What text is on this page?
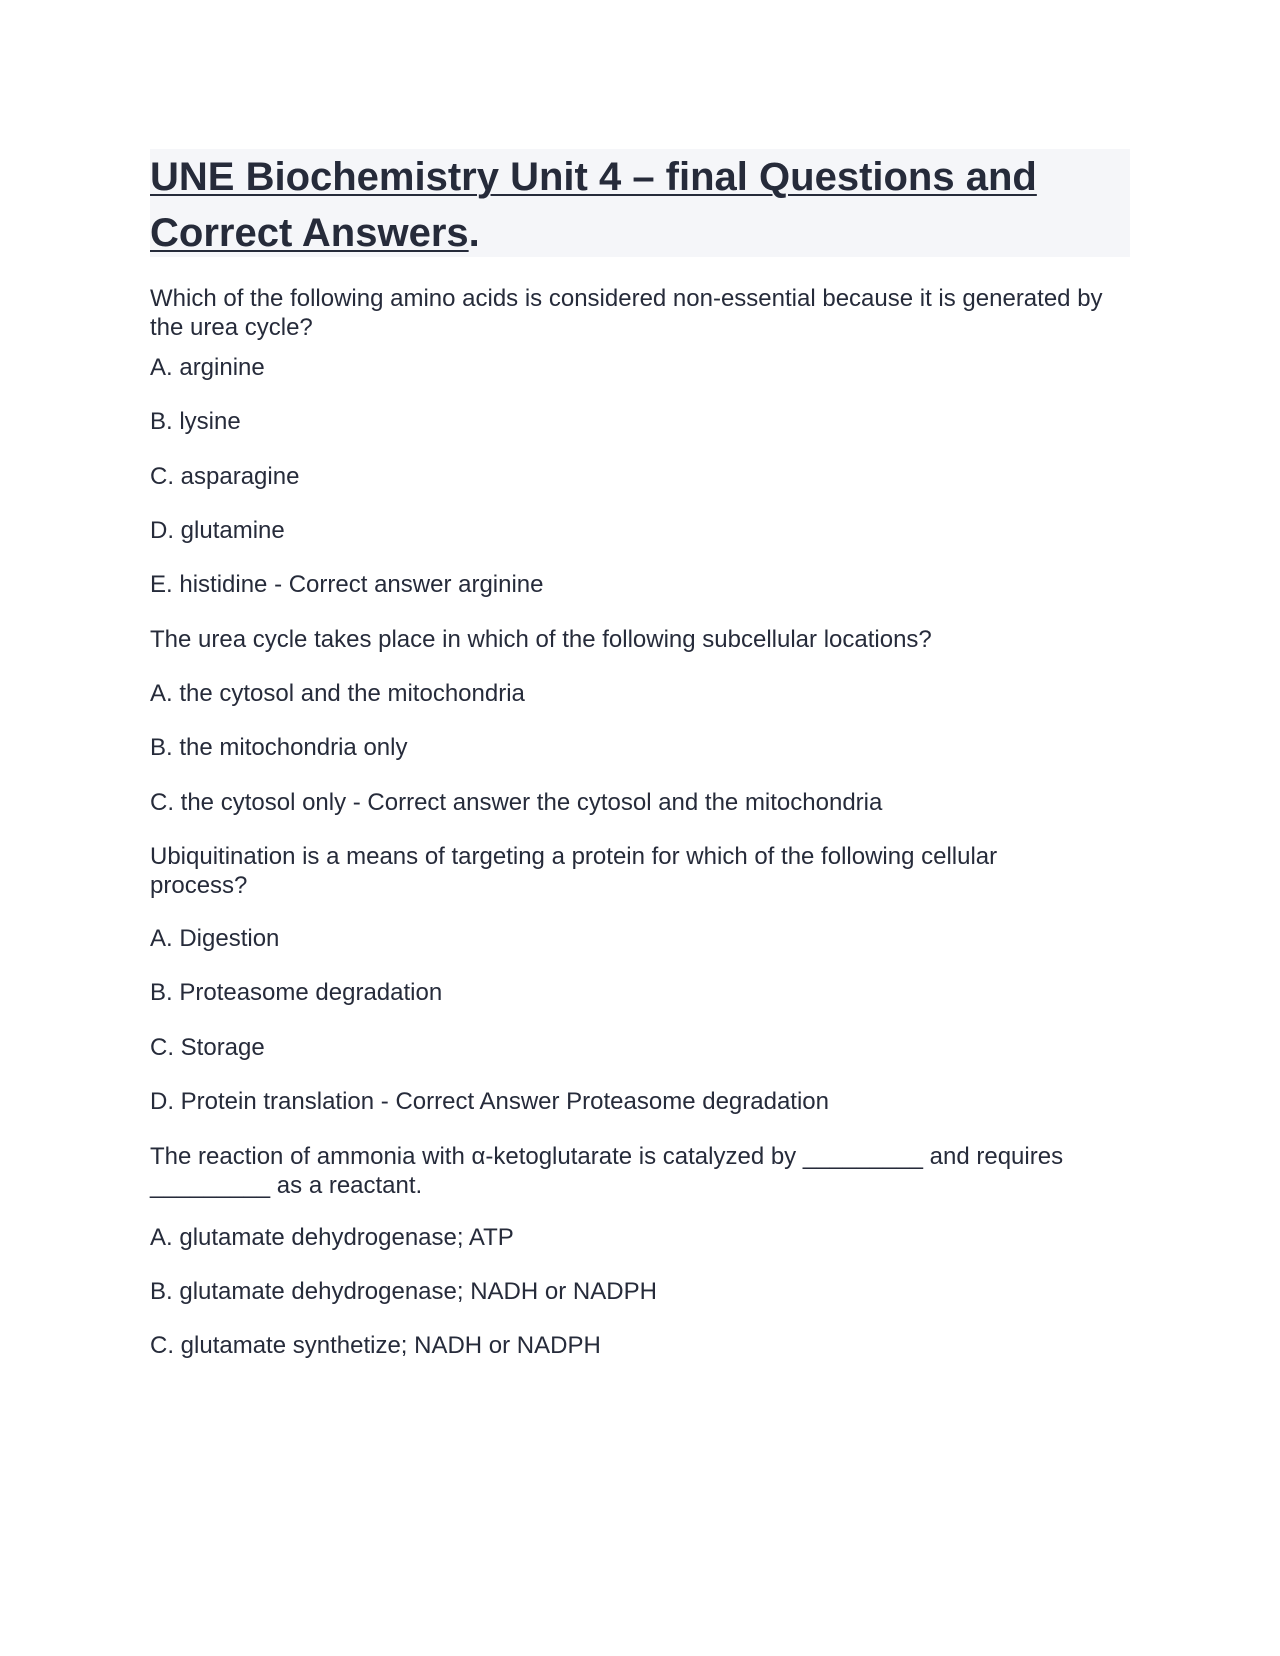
UNE Biochemistry Unit 4 – final Questions and Correct Answers.

Which of the following amino acids is considered non-essential because it is generated by the urea cycle?

A. arginine

B. lysine

C. asparagine

D. glutamine

E. histidine - Correct answer arginine

The urea cycle takes place in which of the following subcellular locations?

A. the cytosol and the mitochondria

B. the mitochondria only

C. the cytosol only - Correct answer the cytosol and the mitochondria

Ubiquitination is a means of targeting a protein for which of the following cellular process?

A. Digestion

B. Proteasome degradation

C. Storage

D. Protein translation - Correct Answer Proteasome degradation

The reaction of ammonia with α-ketoglutarate is catalyzed by _________ and requires _________ as a reactant.

A. glutamate dehydrogenase; ATP

B. glutamate dehydrogenase; NADH or NADPH

C. glutamate synthetize; NADH or NADPH
